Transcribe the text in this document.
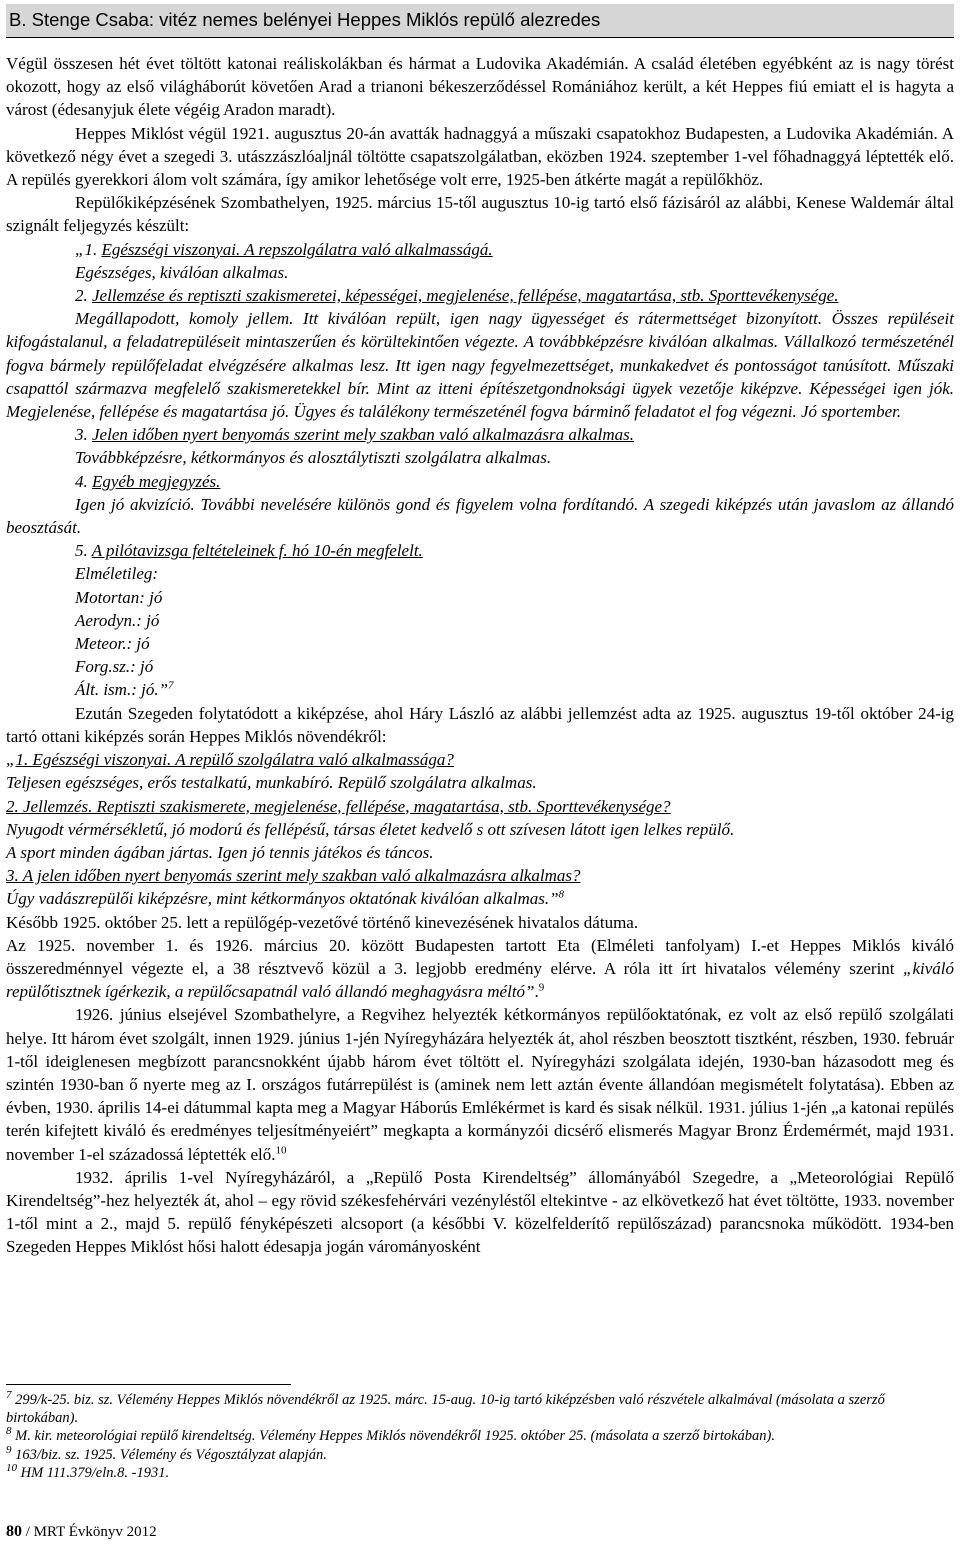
B. Stenge Csaba: vitéz nemes belényei Heppes Miklós repülő alezredes

Végül összesen hét évet töltött katonai reáliskolákban és hármat a Ludovika Akadémián. A család életében egyébként az is nagy törést okozott, hogy az első világháborút követően Arad a trianoni békeszerződéssel Romániához került, a két Heppes fiú emiatt el is hagyta a várost (édesanyjuk élete végéig Aradon maradt).

Heppes Miklóst végül 1921. augusztus 20-án avatták hadnaggyá a műszaki csapatokhoz Budapesten, a Ludovika Akadémián. A következő négy évet a szegedi 3. utászzászlóaljnál töltötte csapatszolgálatban, eközben 1924. szeptember 1-vel főhadnaggyá léptették elő. A repülés gyerekkori álom volt számára, így amikor lehetősége volt erre, 1925-ben átkérte magát a repülőkhöz.

Repülőkiképzésének Szombathelyen, 1925. március 15-től augusztus 10-ig tartó első fázisáról az alábbi, Kenese Waldemár által szignált feljegyzés készült:

„1. Egészségi viszonyai. A repszolgálatra való alkalmasságá.

Egészséges, kiválóan alkalmas.

2. Jellemzése és reptiszti szakismeretei, képességei, megjelenése, fellépése, magatartása, stb. Sporttevékenysége.

Megállapodott, komoly jellem. Itt kiválóan repült, igen nagy ügyességet és rátermettséget bizonyított. Összes repüléseit kifogástalanul, a feladatrepüléseit mintaszerűen és körültekintően végezte. A továbbképzésre kiválóan alkalmas. Vállalkozó természeténél fogva bármely repülőfeladat elvégzésére alkalmas lesz. Itt igen nagy fegyelmezettséget, munkakedvet és pontosságot tanúsított. Műszaki csapattól származva megfelelő szakismeretekkel bír. Mint az itteni építészetgondnoksági ügyek vezetője kiképzve. Képességei igen jók. Megjelenése, fellépése és magatartása jó. Ügyes és találékony természeténél fogva bárminő feladatot el fog végezni. Jó sportember.

3. Jelen időben nyert benyomás szerint mely szakban való alkalmazásra alkalmas.

Továbbképzésre, kétkormányos és alosztálytiszti szolgálatra alkalmas.

4. Egyéb megjegyzés.

Igen jó akvizíció. További nevelésére különös gond és figyelem volna fordítandó. A szegedi kiképzés után javaslom az állandó beosztását.

5. A pilótavizsga feltételeinek f. hó 10-én megfelelt.

Elméletileg:

Motortan: jó

Aerodyn.: jó

Meteor.: jó

Forg.sz.: jó

Ált. ism.: jó.”$^7$

Ezután Szegeden folytatódott a kiképzése, ahol Háry László az alábbi jellemzést adta az 1925. augusztus 19-től október 24-ig tartó ottani kiképzés során Heppes Miklós növendékről:

„1. Egészségi viszonyai. A repülő szolgálatra való alkalmassága?

Teljesen egészséges, erős testalkatú, munkabíró. Repülő szolgálatra alkalmas.

2. Jellemzés. Reptiszti szakismerete, megjelenése, fellépése, magatartása, stb. Sporttevékenysége?

Nyugodt vérmérsékletű, jó modorú és fellépésű, társas életet kedvelő s ott szívesen látott igen lelkes repülő.

A sport minden ágában jártas. Igen jó tennis játékos és táncos.

3. A jelen időben nyert benyomás szerint mely szakban való alkalmazásra alkalmas?

Úgy vadászrepülői kiképzésre, mint kétkormányos oktatónak kiválóan alkalmas.”$^8$

Később 1925. október 25. lett a repülőgép-vezetővé történő kinevezésének hivatalos dátuma.

Az 1925. november 1. és 1926. március 20. között Budapesten tartott Eta (Elméleti tanfolyam) I.-et Heppes Miklós kiváló összeredménnyel végezte el, a 38 résztvevő közül a 3. legjobb eredmény elérve. A róla itt írt hivatalos vélemény szerint „kiváló repülőtisztnek ígérkezik, a repülőcsapatnál való állandó meghagyásra méltó”.$^9$

1926. június elsejével Szombathelyre, a Regvihez helyezték kétkormányos repülőoktatónak, ez volt az első repülő szolgálati helye. Itt három évet szolgált, innen 1929. június 1-jén Nyíregyházára helyezték át, ahol részben beosztott tisztként, részben, 1930. február 1-től ideiglenesen megbízott parancsnokként újabb három évet töltött el. Nyíregyházi szolgálata idején, 1930-ban házasodott meg és szintén 1930-ban ő nyerte meg az I. országos futárrepülést is (aminek nem lett aztán évente állandóan megismételt folytatása). Ebben az évben, 1930. április 14-ei dátummal kapta meg a Magyar Háborús Emlékérmet is kard és sisak nélkül. 1931. július 1-jén „a katonai repülés terén kifejtett kiváló és eredményes teljesítményeiért” megkapta a kormányzói dicsérő elismerés Magyar Bronz Érdemérmét, majd 1931. november 1-el századossá léptették elő.$^{10}$

1932. április 1-vel Nyíregyházáról, a „Repülő Posta Kirendeltség” állományából Szegedre, a „Meteorológiai Repülő Kirendeltség”-hez helyezték át, ahol – egy rövid székesfehérvári vezényléstől eltekintve - az elkövetkező hat évet töltötte, 1933. november 1-től mint a 2., majd 5. repülő fényképészeti alcsoport (a későbbi V. közelfelderítő repülőszázad) parancsnoka működött. 1934-ben Szegeden Heppes Miklóst hősi halott édesapja jogán várományosként

$^7$ 299/k-25. biz. sz. Vélemény Heppes Miklós növendékről az 1925. márc. 15-aug. 10-ig tartó kiképzésben való részvétele alkalmával (másolata a szerző birtokában).

$^8$ M. kir. meteorológiai repülő kirendeltség. Vélemény Heppes Miklós növendékről 1925. október 25. (másolata a szerző birtokában).

$^9$ 163/biz. sz. 1925. Vélemény és Végosztályzat alapján.

$^{10}$ HM 111.379/eln.8. -1931.

80 / MRT Évkönyv 2012
